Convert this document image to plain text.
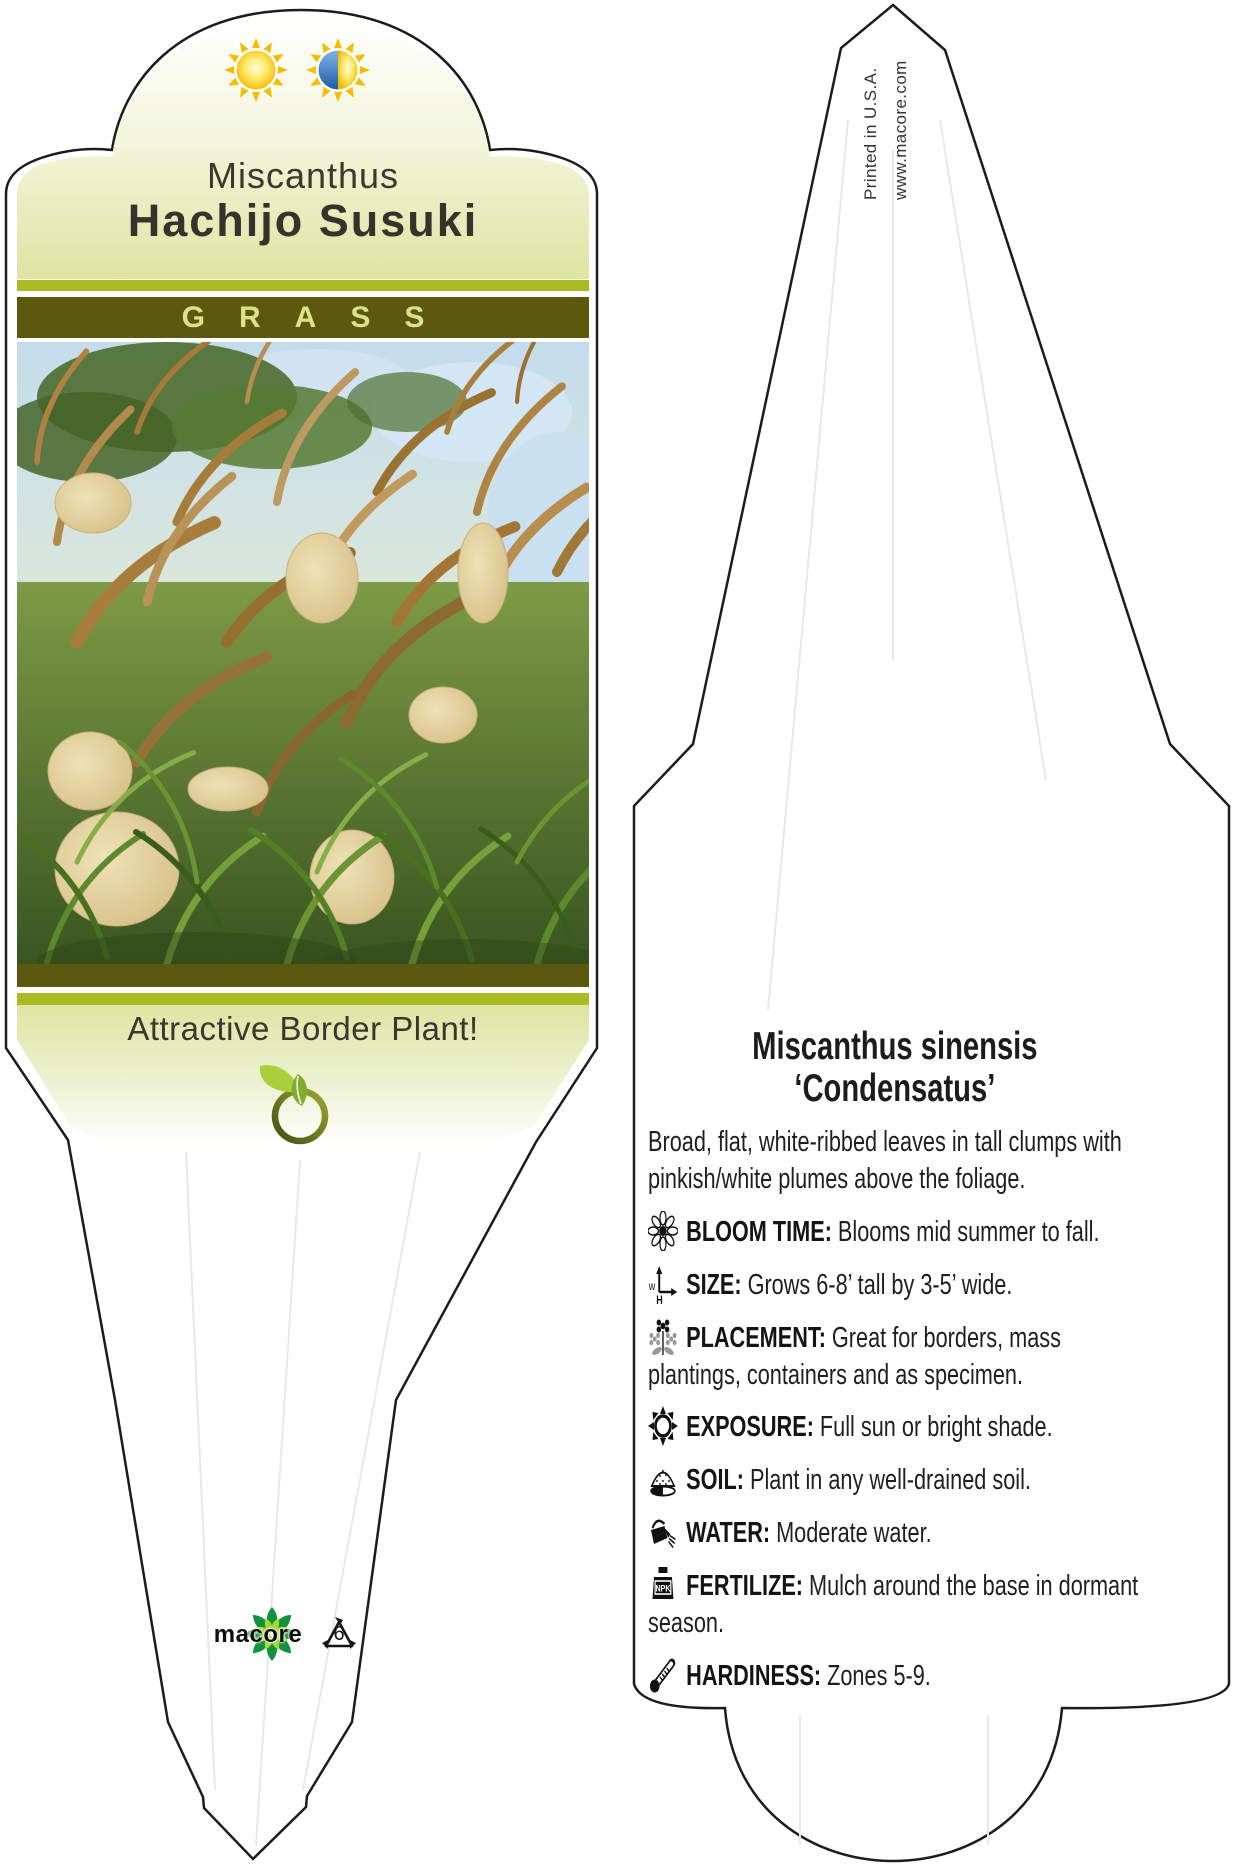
Miscanthus
Hachijo Susuki
GRASS
Attractive Border Plant!
macore	6
Printed in U.S.A. www.macore.com
Miscanthus sinensis
‘Condensatus’
Broad, flat, white-ribbed leaves in tall clumps with pinkish/white plumes above the foliage.
BLOOM TIME: Blooms mid summer to fall.
w
H SIZE: Grows 6-8’ tall by 3-5’ wide.
PLACEMENT: Great for borders, mass plantings, containers and as specimen.
EXPOSURE: Full sun or bright shade.
SOIL: Plant in any well-drained soil.
WATER: Moderate water.
NPK FERTILIZE: Mulch around the base in dormant season.
HARDINESS: Zones 5-9.
